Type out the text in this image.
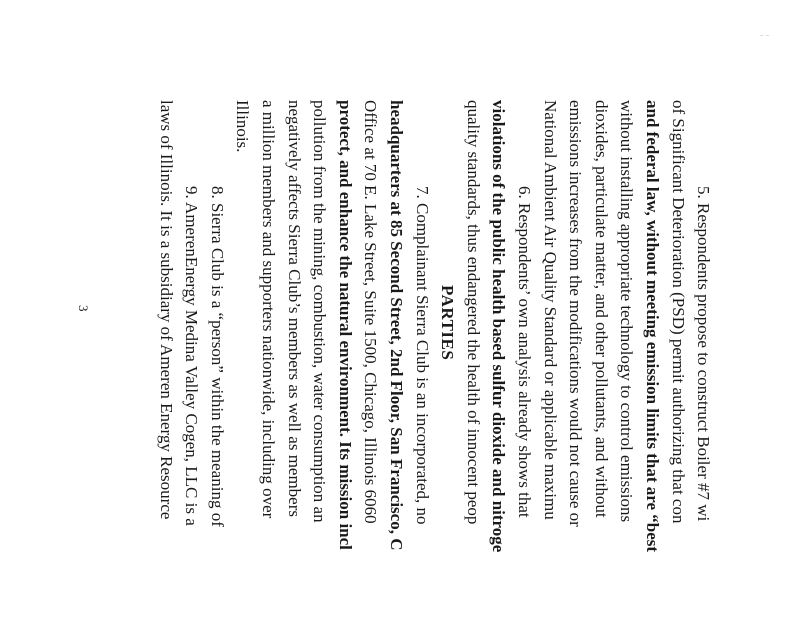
- -
5. Respondents propose to construct Boiler #7 wi
of Significant Deterioration (PSD) permit authorizing that con
and federal law, without meeting emission limits that are “best
without installing appropriate technology to control emissions
dioxides, particulate matter, and other pollutants, and without
emissions increases from the modifications would not cause or
National Ambient Air Quality Standard or applicable maximu
6. Respondents’ own analysis already shows that
violations of the public health based sulfur dioxide and nitroge
quality standards, thus endangered the health of innocent peop
PARTIES
7. Complainant Sierra Club is an incorporated, no
headquarters at 85 Second Street, 2nd Floor, San Francisco, C
Office at 70 E. Lake Street, Suite 1500, Chicago, Illinois 6060
protect, and enhance the natural environment. Its mission incl
pollution from the mining, combustion, water consumption an
negatively affects Sierra Club’s members as well as members
a million members and supporters nationwide, including over
Illinois.
8. Sierra Club is a “person” within the meaning of
9. AmerenEnergy Medina Valley Cogen, LLC is a
laws of Illinois. It is a subsidiary of Ameren Energy Resource
3
